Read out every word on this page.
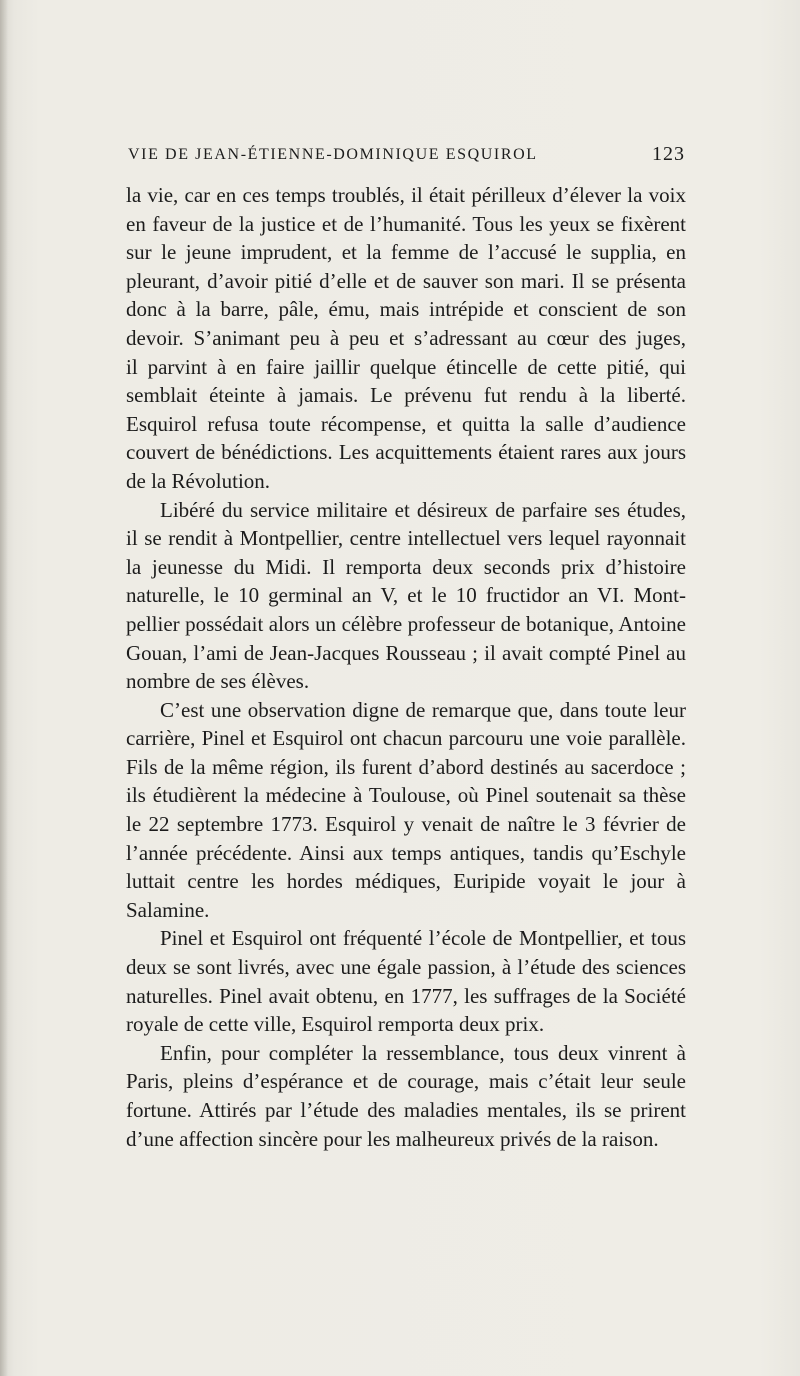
VIE DE JEAN-ÉTIENNE-DOMINIQUE ESQUIROL	123
la vie, car en ces temps troublés, il était périlleux d’élever la voix
en faveur de la justice et de l’humanité. Tous les yeux se fixèrent
sur le jeune imprudent, et la femme de l’accusé le supplia, en
pleurant, d’avoir pitié d’elle et de sauver son mari. Il se présenta
donc à la barre, pâle, ému, mais intrépide et conscient de son
devoir. S’animant peu à peu et s’adressant au cœur des juges,
il parvint à en faire jaillir quelque étincelle de cette pitié, qui
semblait éteinte à jamais. Le prévenu fut rendu à la liberté.
Esquirol refusa toute récompense, et quitta la salle d’audience
couvert de bénédictions. Les acquittements étaient rares aux jours
de la Révolution.
Libéré du service militaire et désireux de parfaire ses études,
il se rendit à Montpellier, centre intellectuel vers lequel rayonnait
la jeunesse du Midi. Il remporta deux seconds prix d’histoire
naturelle, le 10 germinal an V, et le 10 fructidor an VI. Mont-
pellier possédait alors un célèbre professeur de botanique, Antoine
Gouan, l’ami de Jean-Jacques Rousseau ; il avait compté Pinel au
nombre de ses élèves.
C’est une observation digne de remarque que, dans toute leur
carrière, Pinel et Esquirol ont chacun parcouru une voie parallèle.
Fils de la même région, ils furent d’abord destinés au sacerdoce ;
ils étudièrent la médecine à Toulouse, où Pinel soutenait sa thèse
le 22 septembre 1773. Esquirol y venait de naître le 3 février de
l’année précédente. Ainsi aux temps antiques, tandis qu’Eschyle
luttait centre les hordes médiques, Euripide voyait le jour à
Salamine.
Pinel et Esquirol ont fréquenté l’école de Montpellier, et tous
deux se sont livrés, avec une égale passion, à l’étude des sciences
naturelles. Pinel avait obtenu, en 1777, les suffrages de la Société
royale de cette ville, Esquirol remporta deux prix.
Enfin, pour compléter la ressemblance, tous deux vinrent à
Paris, pleins d’espérance et de courage, mais c’était leur seule
fortune. Attirés par l’étude des maladies mentales, ils se prirent
d’une affection sincère pour les malheureux privés de la raison.
